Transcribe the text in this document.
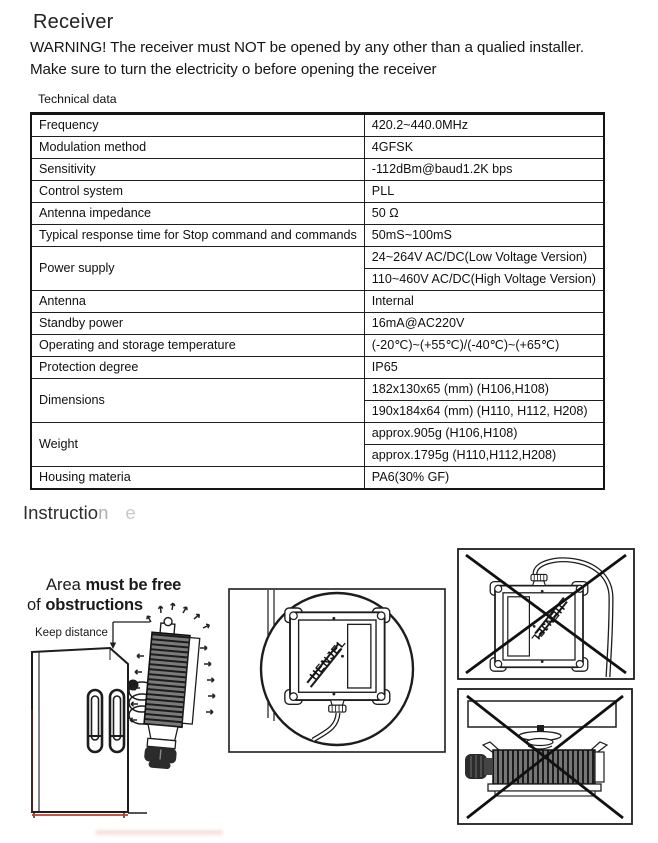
Receiver
WARNING! The receiver must NOT be opened by any other than a qualied installer.
Make sure to turn the electricity o before opening the receiver
Technical data
Frequency	420.2~440.0MHz
Modulation method	4GFSK
Sensitivity	-112dBm@baud1.2K bps
Control system	PLL
Antenna impedance	50 Ω
Typical response time for Stop command and commands	50mS~100mS
Power supply	24~264V AC/DC(Low Voltage Version)
	110~460V AC/DC(High Voltage Version)
Antenna	Internal
Standby power	16mA@AC220V
Operating and storage temperature	(-20℃)~(+55℃)/(-40℃)~(+65℃)
Protection degree	IP65
Dimensions	182x130x65 (mm) (H106,H108)
	190x184x64 (mm) (H110, H112, H208)
Weight	approx.905g (H106,H108)
	approx.1795g (H110,H112,H208)
Housing materia	PA6(30% GF)
Instruction e
Area must be free
of obstructions
Keep distance
